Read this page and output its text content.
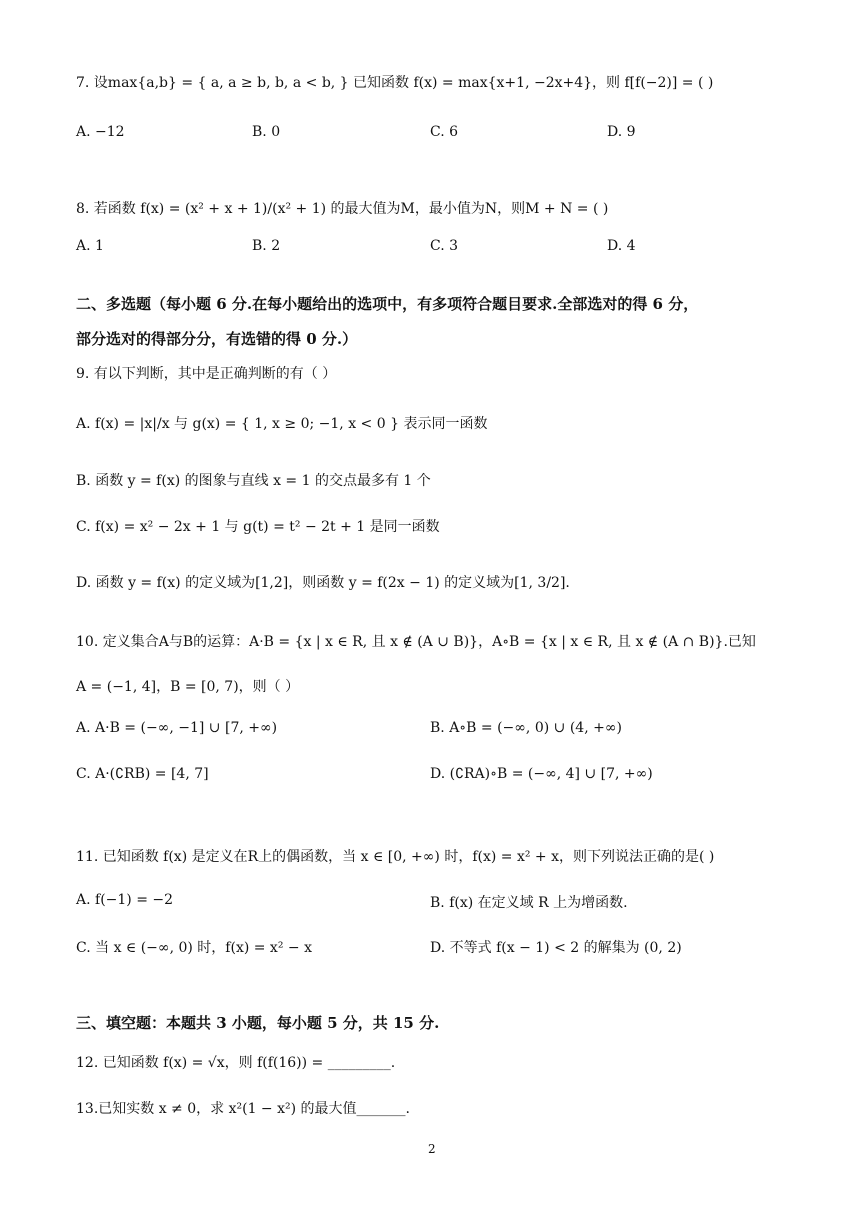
7. 设max{a,b} = { a, a ≥ b, b, a < b, } 已知函数 f(x) = max{x+1, −2x+4}，则 f[f(−2)] = ( )
A. −12	B. 0	C. 6	D. 9
8. 若函数 f(x) = (x² + x + 1)/(x² + 1) 的最大值为M，最小值为N，则M + N = ( )
A. 1	B. 2	C. 3	D. 4
二、多选题（每小题 6 分.在每小题给出的选项中，有多项符合题目要求.全部选对的得 6 分，
部分选对的得部分分，有选错的得 0 分.）
9. 有以下判断，其中是正确判断的有（ ）
A. f(x) = |x|/x 与 g(x) = { 1, x ≥ 0; −1, x < 0 } 表示同一函数
B. 函数 y = f(x) 的图象与直线 x = 1 的交点最多有 1 个
C. f(x) = x² − 2x + 1 与 g(t) = t² − 2t + 1 是同一函数
D. 函数 y = f(x) 的定义域为[1,2]，则函数 y = f(2x − 1) 的定义域为[1, 3/2].
10. 定义集合A与B的运算：A·B = {x | x ∈ R, 且 x ∉ (A ∪ B)}，A∘B = {x | x ∈ R, 且 x ∉ (A ∩ B)}.已知
A = (−1, 4]，B = [0, 7)，则（ ）
A. A·B = (−∞, −1] ∪ [7, +∞)	B. A∘B = (−∞, 0) ∪ (4, +∞)
C. A·(∁RB) = [4, 7]	D. (∁RA)∘B = (−∞, 4] ∪ [7, +∞)
11. 已知函数 f(x) 是定义在R上的偶函数，当 x ∈ [0, +∞) 时，f(x) = x² + x，则下列说法正确的是( )
A. f(−1) = −2	B. f(x) 在定义域 R 上为增函数.
C. 当 x ∈ (−∞, 0) 时，f(x) = x² − x	D. 不等式 f(x − 1) < 2 的解集为 (0, 2)
三、填空题：本题共 3 小题，每小题 5 分，共 15 分.
12. 已知函数 f(x) = √x，则 f(f(16)) = _________.
13.已知实数 x ≠ 0，求 x²(1 − x²) 的最大值_______.
2
